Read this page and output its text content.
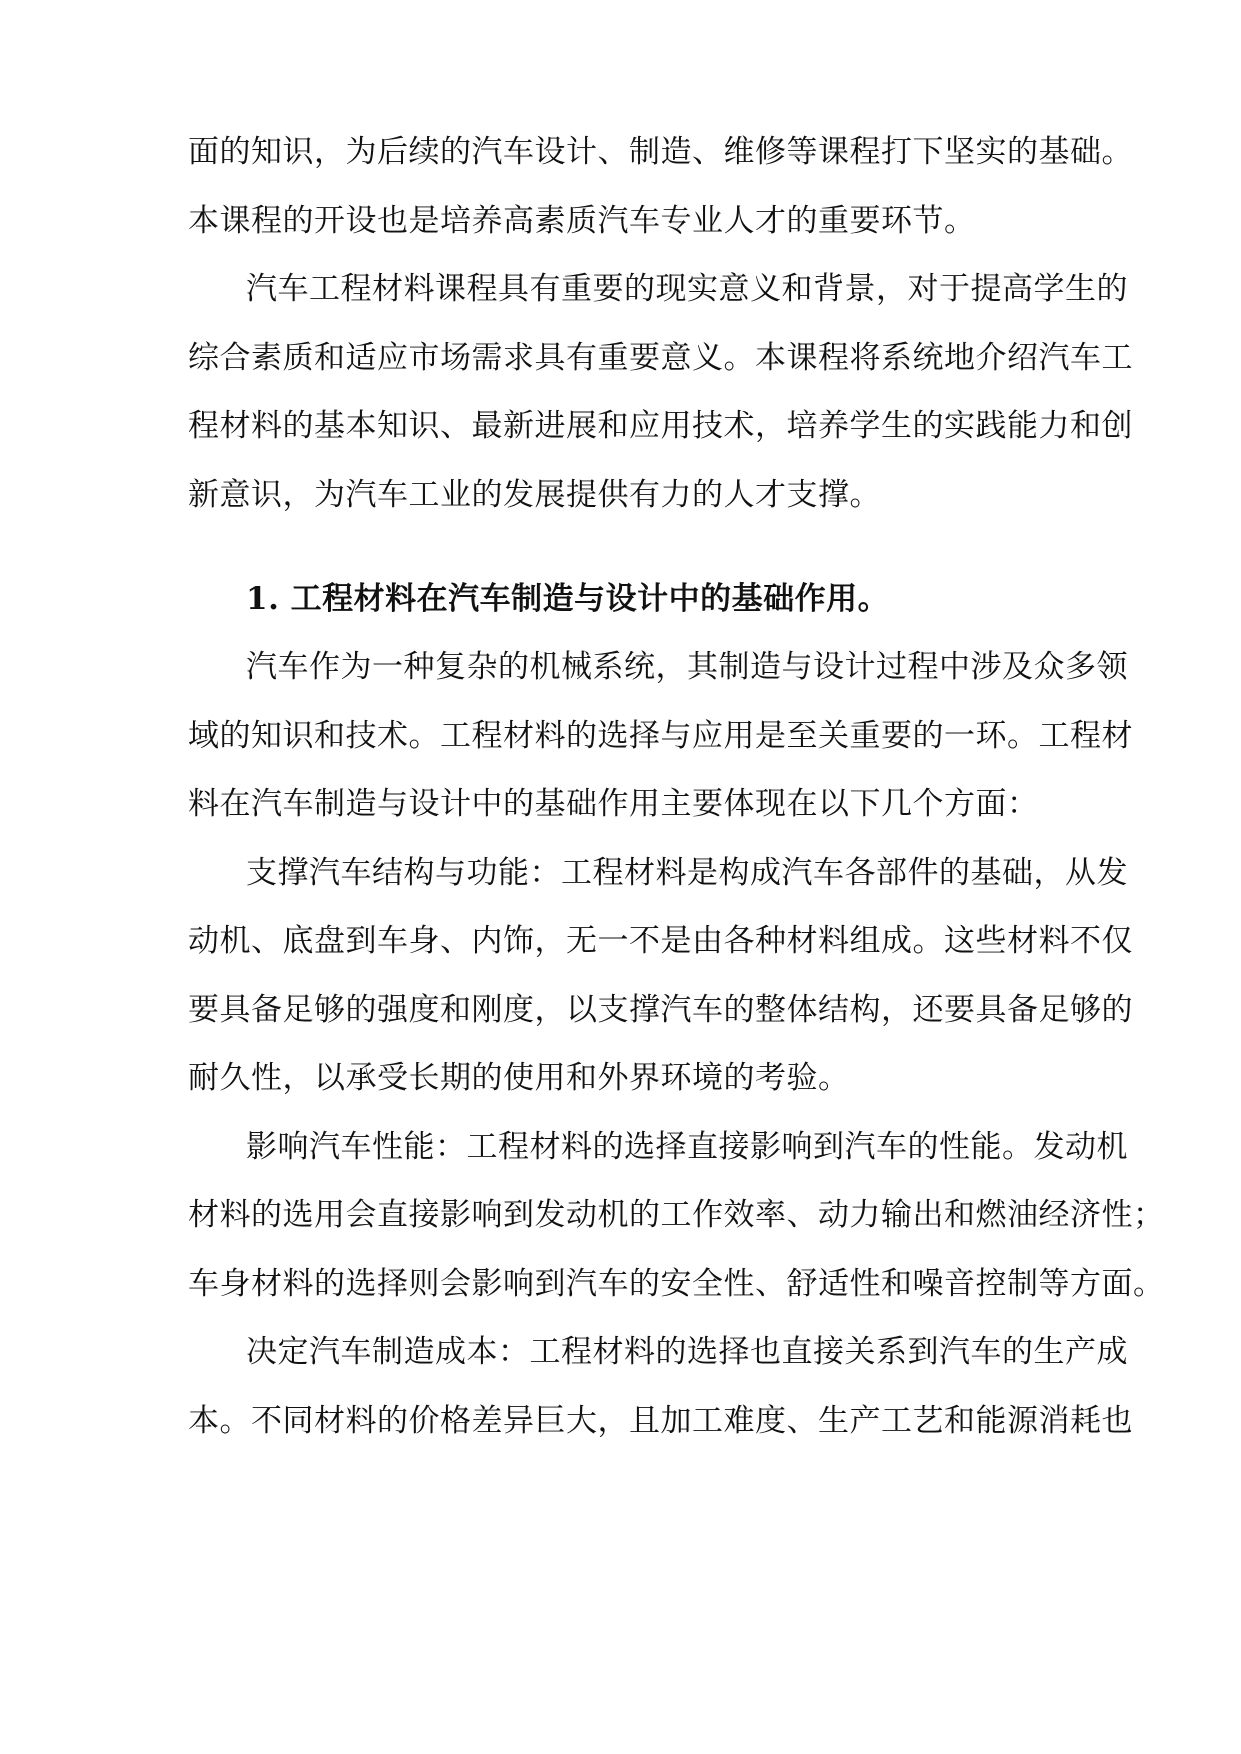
面的知识，为后续的汽车设计、制造、维修等课程打下坚实的基础。
本课程的开设也是培养高素质汽车专业人才的重要环节。
汽车工程材料课程具有重要的现实意义和背景，对于提高学生的
综合素质和适应市场需求具有重要意义。本课程将系统地介绍汽车工
程材料的基本知识、最新进展和应用技术，培养学生的实践能力和创
新意识，为汽车工业的发展提供有力的人才支撑。
1. 工程材料在汽车制造与设计中的基础作用。
汽车作为一种复杂的机械系统，其制造与设计过程中涉及众多领
域的知识和技术。工程材料的选择与应用是至关重要的一环。工程材
料在汽车制造与设计中的基础作用主要体现在以下几个方面：
支撑汽车结构与功能：工程材料是构成汽车各部件的基础，从发
动机、底盘到车身、内饰，无一不是由各种材料组成。这些材料不仅
要具备足够的强度和刚度，以支撑汽车的整体结构，还要具备足够的
耐久性，以承受长期的使用和外界环境的考验。
影响汽车性能：工程材料的选择直接影响到汽车的性能。发动机
材料的选用会直接影响到发动机的工作效率、动力输出和燃油经济性；
车身材料的选择则会影响到汽车的安全性、舒适性和噪音控制等方面。
决定汽车制造成本：工程材料的选择也直接关系到汽车的生产成
本。不同材料的价格差异巨大，且加工难度、生产工艺和能源消耗也
